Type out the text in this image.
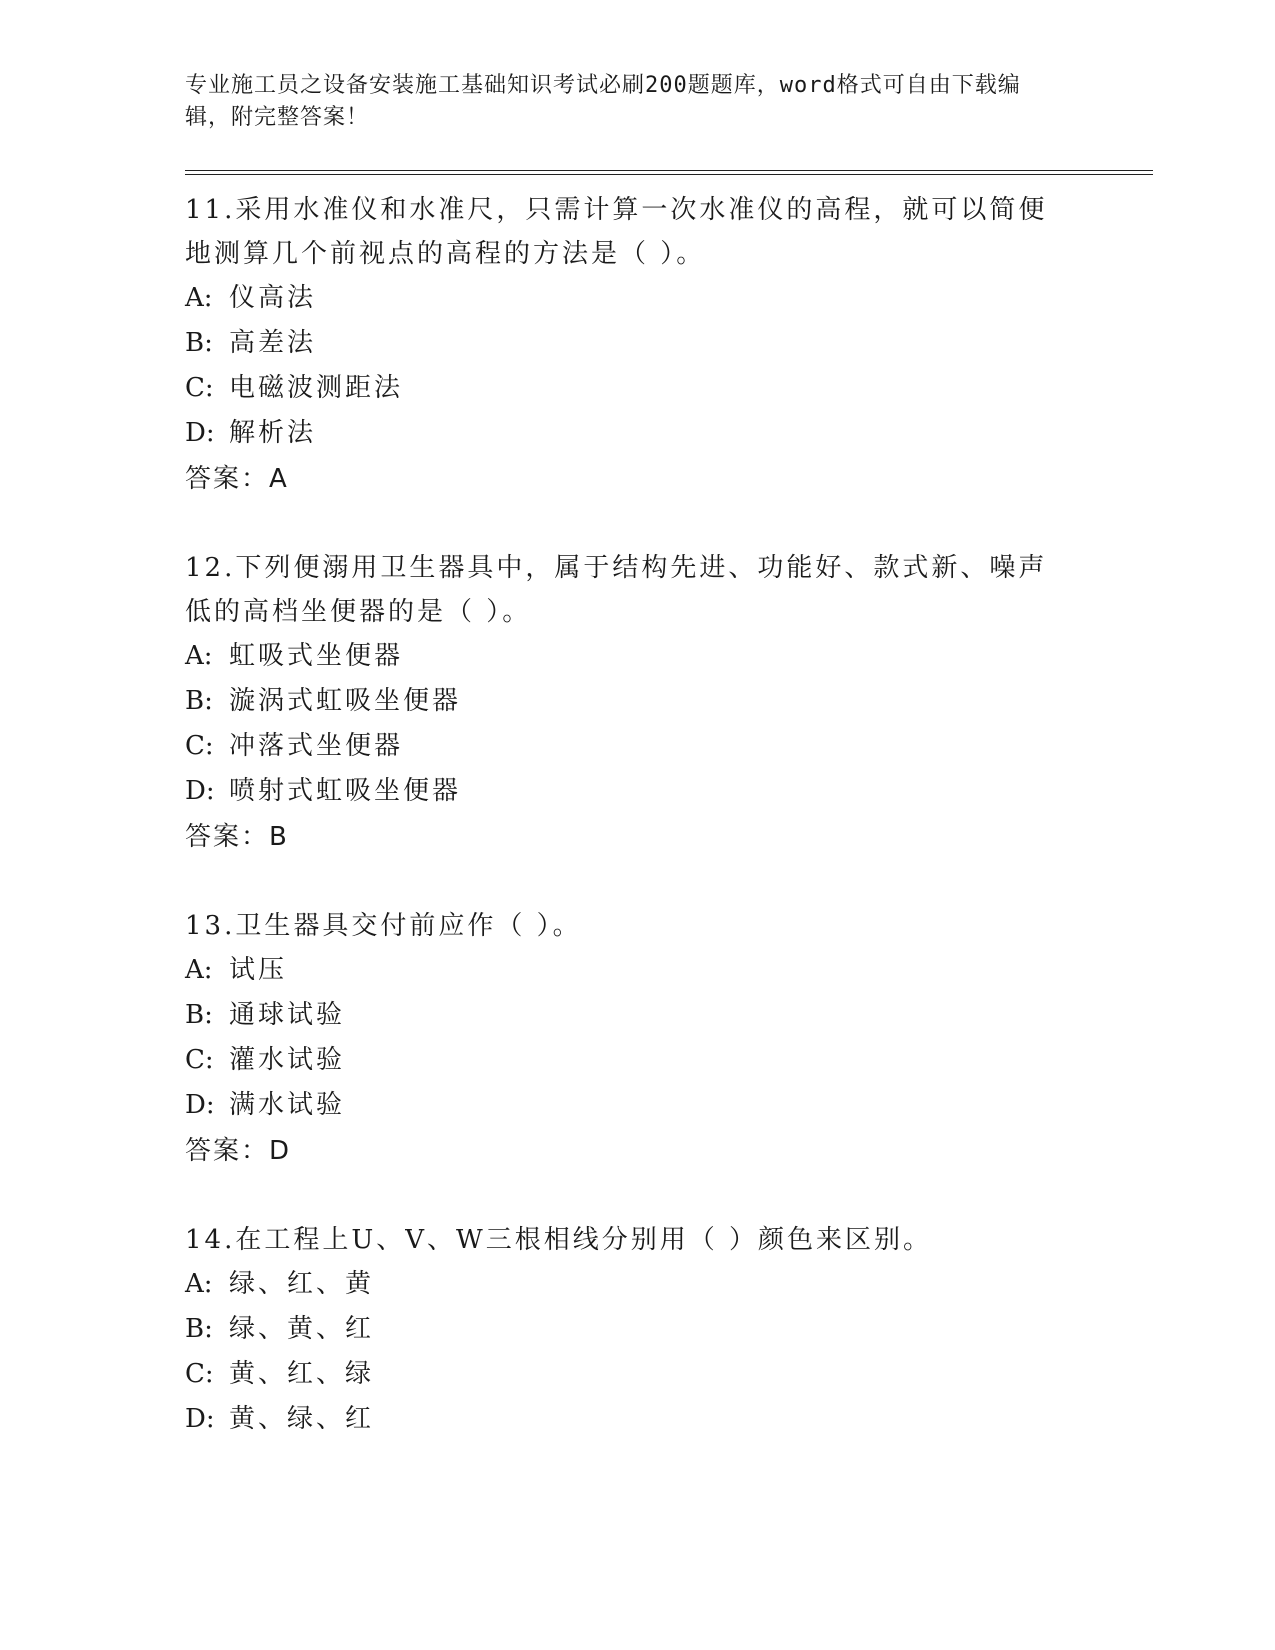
专业施工员之设备安装施工基础知识考试必刷200题题库，word格式可自由下载编辑，附完整答案！

11.采用水准仪和水准尺，只需计算一次水准仪的高程，就可以简便地测算几个前视点的高程的方法是（ ）。

A: 仪高法

B: 高差法

C: 电磁波测距法

D: 解析法

答案：A

12.下列便溺用卫生器具中，属于结构先进、功能好、款式新、噪声低的高档坐便器的是（ ）。

A: 虹吸式坐便器

B: 漩涡式虹吸坐便器

C: 冲落式坐便器

D: 喷射式虹吸坐便器

答案：B

13.卫生器具交付前应作（ ）。

A: 试压

B: 通球试验

C: 灌水试验

D: 满水试验

答案：D

14.在工程上U、V、W三根相线分别用（ ）颜色来区别。

A: 绿、红、黄

B: 绿、黄、红

C: 黄、红、绿

D: 黄、绿、红
